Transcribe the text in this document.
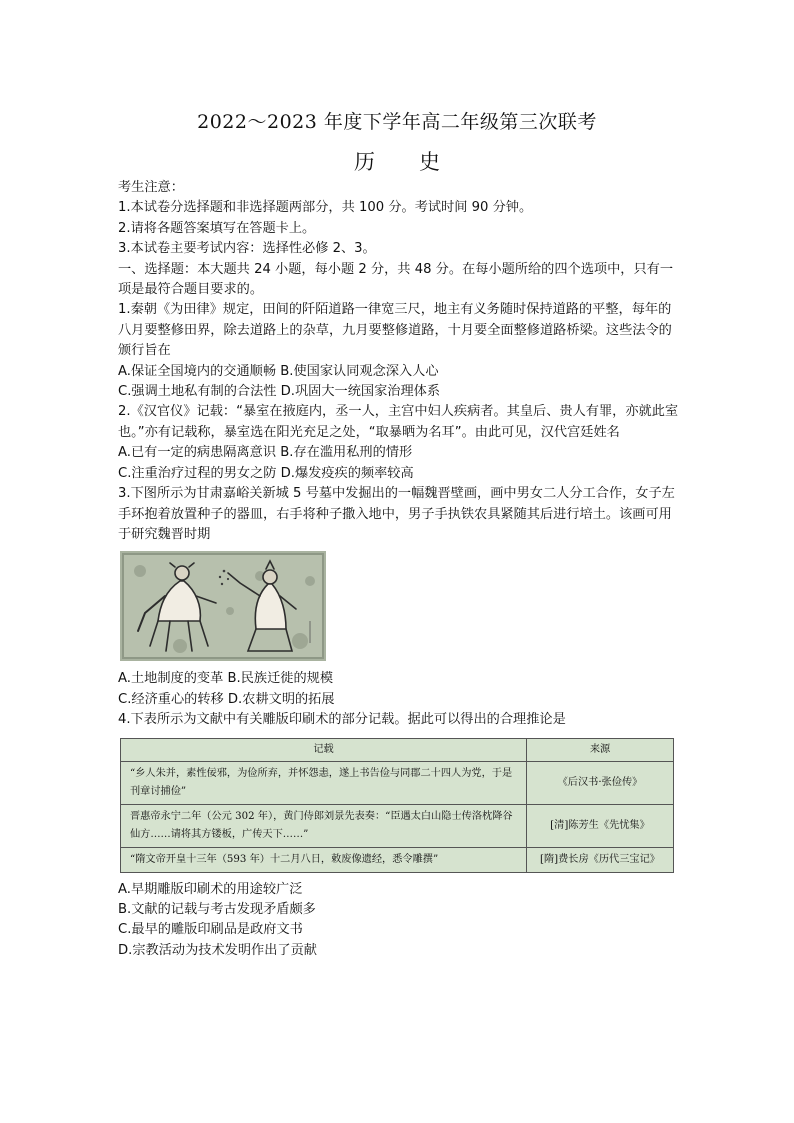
2022～2023 年度下学年高二年级第三次联考
历 史

考生注意：

1.本试卷分选择题和非选择题两部分，共 100 分。考试时间 90 分钟。

2.请将各题答案填写在答题卡上。

3.本试卷主要考试内容：选择性必修 2、3。

一、选择题：本大题共 24 小题，每小题 2 分，共 48 分。在每小题所给的四个选项中，只有一项是最符合题目要求的。

1.秦朝《为田律》规定，田间的阡陌道路一律宽三尺，地主有义务随时保持道路的平整，每年的八月要整修田界，除去道路上的杂草，九月要整修道路，十月要全面整修道路桥梁。这些法令的颁行旨在

A.保证全国境内的交通顺畅 B.使国家认同观念深入人心

C.强调土地私有制的合法性 D.巩固大一统国家治理体系

2.《汉官仪》记载：“暴室在掖庭内，丞一人，主宫中妇人疾病者。其皇后、贵人有罪，亦就此室也。”亦有记载称，暴室选在阳光充足之处，“取暴晒为名耳”。由此可见，汉代宫廷姓名

A.已有一定的病患隔离意识 B.存在滥用私刑的情形

C.注重治疗过程的男女之防 D.爆发疫疾的频率较高

3.下图所示为甘肃嘉峪关新城 5 号墓中发掘出的一幅魏晋壁画，画中男女二人分工合作，女子左手环抱着放置种子的器皿，右手将种子撒入地中，男子手执铁农具紧随其后进行培土。该画可用于研究魏晋时期

A.土地制度的变革 B.民族迁徙的规模

C.经济重心的转移 D.农耕文明的拓展

4.下表所示为文献中有关雕版印刷术的部分记载。据此可以得出的合理推论是

记载	来源
“乡人朱并，素性佞邪，为俭所弃，并怀怨恚，遂上书告俭与同郡二十四人为党，于是刊章讨捕俭”	《后汉书·张俭传》
晋惠帝永宁二年（公元 302 年），黄门侍郎刘景先表奏：“臣遇太白山隐士传洛枕降谷仙方……请将其方镂板，广传天下……”	[清]陈芳生《先忧集》
“隋文帝开皇十三年（593 年）十二月八日，敕废像遗经，悉令雕撰”	[隋]费长房《历代三宝记》

A.早期雕版印刷术的用途较广泛

B.文献的记载与考古发现矛盾颇多

C.最早的雕版印刷品是政府文书

D.宗教活动为技术发明作出了贡献
